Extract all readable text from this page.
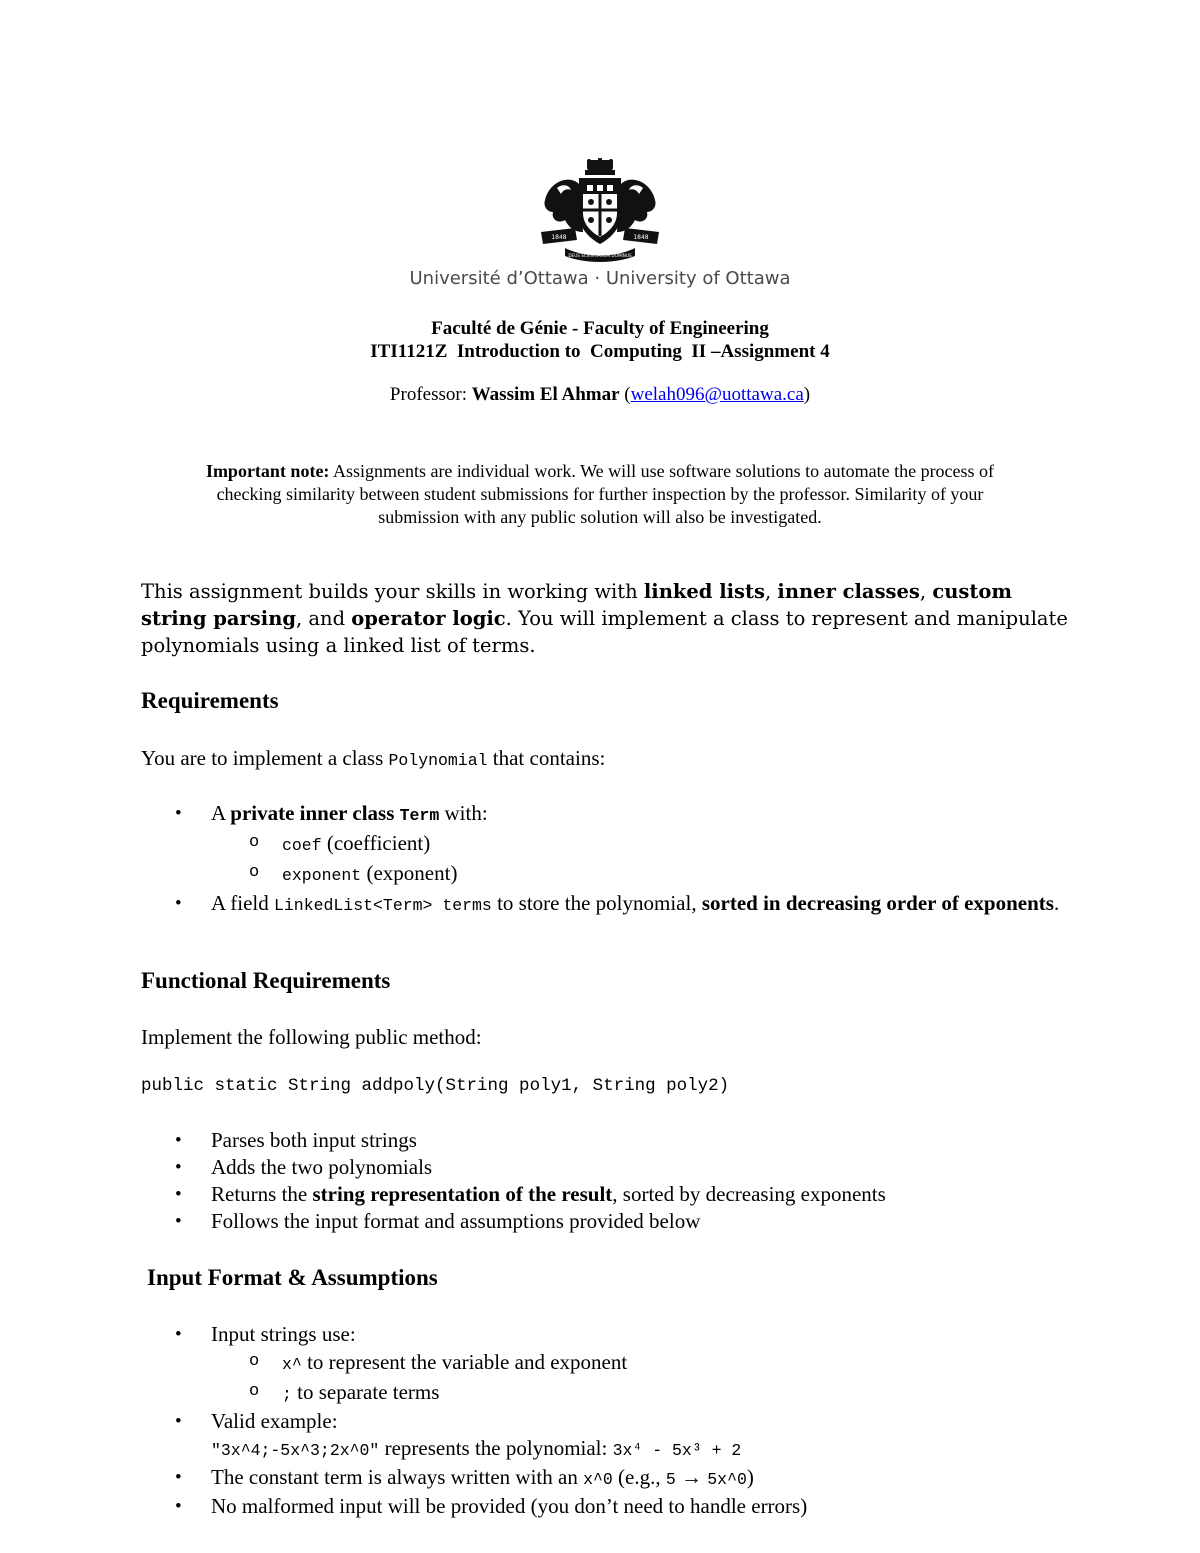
1848	1848
DEUS SCIENTIARUM DOMINUS
Université d’Ottawa · University of Ottawa
Faculté de Génie - Faculty of Engineering
ITI1121Z  Introduction to  Computing  II –Assignment 4
Professor: Wassim El Ahmar (welah096@uottawa.ca)
Important note: Assignments are individual work. We will use software solutions to automate the process of checking similarity between student submissions for further inspection by the professor. Similarity of your submission with any public solution will also be investigated.
This assignment builds your skills in working with linked lists, inner classes, custom string parsing, and operator logic. You will implement a class to represent and manipulate polynomials using a linked list of terms.
Requirements
You are to implement a class Polynomial that contains:
• A private inner class Term with:
o coef (coefficient)
o exponent (exponent)
• A field LinkedList<Term> terms to store the polynomial, sorted in decreasing order of exponents.
Functional Requirements
Implement the following public method:
public static String addpoly(String poly1, String poly2)
• Parses both input strings
• Adds the two polynomials
• Returns the string representation of the result, sorted by decreasing exponents
• Follows the input format and assumptions provided below
Input Format & Assumptions
• Input strings use:
o x^ to represent the variable and exponent
o ; to separate terms
• Valid example:
"3x^4;-5x^3;2x^0" represents the polynomial: 3x⁴ - 5x³ + 2
• The constant term is always written with an x^0 (e.g., 5 → 5x^0)
• No malformed input will be provided (you don’t need to handle errors)
